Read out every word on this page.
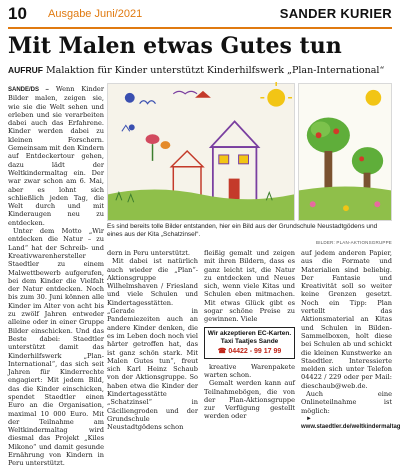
10 Ausgabe Juni/2021	SANDER KURIER
Mit Malen etwas Gutes tun
AUFRUF Malaktion für Kinder unterstützt Kinderhilfswerk „Plan-International“

SANDE/DS – Wenn Kinder Bilder malen, zeigen sie, wie sie die Welt sehen und erleben und sie verarbeiten dabei auch das Erfahrene. Kinder werden dabei zu kleinen Forschern. Gemeinsam mit den Kindern auf Entdeckertour gehen, dazu lädt der Weltkindermaltag ein. Der war zwar schon am 6. Mai, aber es lohnt sich schließlich jeden Tag, die Welt durch und mit Kinderaugen neu zu entdecken.

Unter dem Motto „Wir entdecken die Natur – zu Land“ hat der Schreib- und Kreativwarenhersteller Staedtler zu einem Malwettbewerb aufgerufen, bei dem Kinder die Vielfalt der Natur entdecken. Noch bis zum 30. Juni können alle Kinder im Alter von acht bis zu zwölf Jahren entweder alleine oder in einer Gruppe Bilder einschicken. Und das Beste dabei: Staedtler unterstützt damit das Kinderhilfswerk „Plan-International“, das sich seit Jahren für Kinderrechte engagiert: Mit jedem Bild, das die Kinder einschicken, spendet Staedtler einen Euro an die Organisation, maximal 10 000 Euro. Mit der Teilnahme am Weltkindermaltag wird diesmal das Projekt „Kiles Mikono“ und damit gesunde Ernährung von Kindern in Peru unterstützt.

Es sind bereits tolle Bilder entstanden, hier ein Bild aus der Grundschule Neustadtgödens und eines aus der Kita „Schatzinsel“.
BILDER: PLAN-AKTIONSGRUPPE

dern in Peru unterstützt.

Mit dabei ist natürlich auch wieder die „Plan“-Aktionsgruppe Wilhelmshaven / Friesland und viele Schulen und Kindertagesstätten. „Gerade in Pandemiezeiten auch an andere Kinder denken, die es im Leben doch noch viel härter getroffen hat, das ist ganz schön stark. Mit Malen Gutes tun“, freut sich Karl Heinz Schaub von der Aktionsgruppe. So haben etwa die Kinder der Kindertagesstätte „Schatzinsel“ in Cäciliengroden und der Grundschule Neustadtgödens schon

fleißig gemalt und zeigen mit ihren Bildern, dass es ganz leicht ist, die Natur zu entdecken und Neues sich, wenn viele Kitas und Schulen eben mitmachen. Mit etwas Glück gibt es sogar schöne Preise zu gewinnen. Viele

Wir akzeptieren EC-Karten.
Taxi Taatjes Sande
☎ 04422 - 99 17 99

kreative Warenpakete warten schon.

Gemalt werden kann auf Teilnahmebögen, die von der Plan-Aktionsgruppe zur Verfügung gestellt werden oder

auf jedem anderen Papier, aus die Formate und Materialien sind beliebig. Der Fantasie und Kreativität soll so weiter keine Grenzen gesetzt. Noch ein Tipp: Plan vertellt das Aktionsmaterial an Kitas und Schulen in Bilden-Sammelboxen, holt diese bei Schulen ab und schickt die kleinen Kunstwerke an Staedtler. Interessierte melden sich unter Telefon 04422 / 229 oder per Mail: dieschaub@web.de.

Auch eine Onlineteilnahme ist möglich:

► www.staedtler.de/weltkindermaltag
